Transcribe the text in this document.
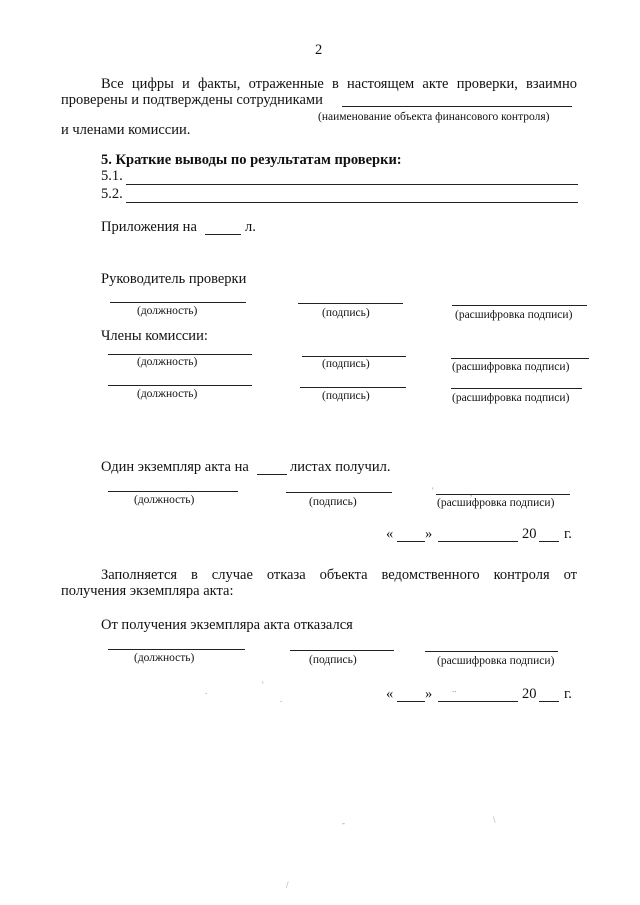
2
Все цифры и факты, отраженные в настоящем акте проверки, взаимно
проверены и подтверждены сотрудниками
(наименование объекта финансового контроля)
и членами комиссии.
5. Краткие выводы по результатам проверки:
5.1.
5.2.
Приложения на	л.
Руководитель проверки
(должность)	(подпись)	(расшифровка подписи)
Члены комиссии:
(должность)	(подпись)	(расшифровка подписи)
(должность)	(подпись)	(расшифровка подписи)
Один экземпляр акта на	листах получил.
(должность)	(подпись)	(расшифровка подписи)
« »	20 г.
Заполняется в случае отказа объекта ведомственного контроля от
получения экземпляра акта:
От получения экземпляра акта отказался
(должность)	(подпись)	(расшифровка подписи)
« »	20 г.
'	,
.
'
.
..
-	\
/
